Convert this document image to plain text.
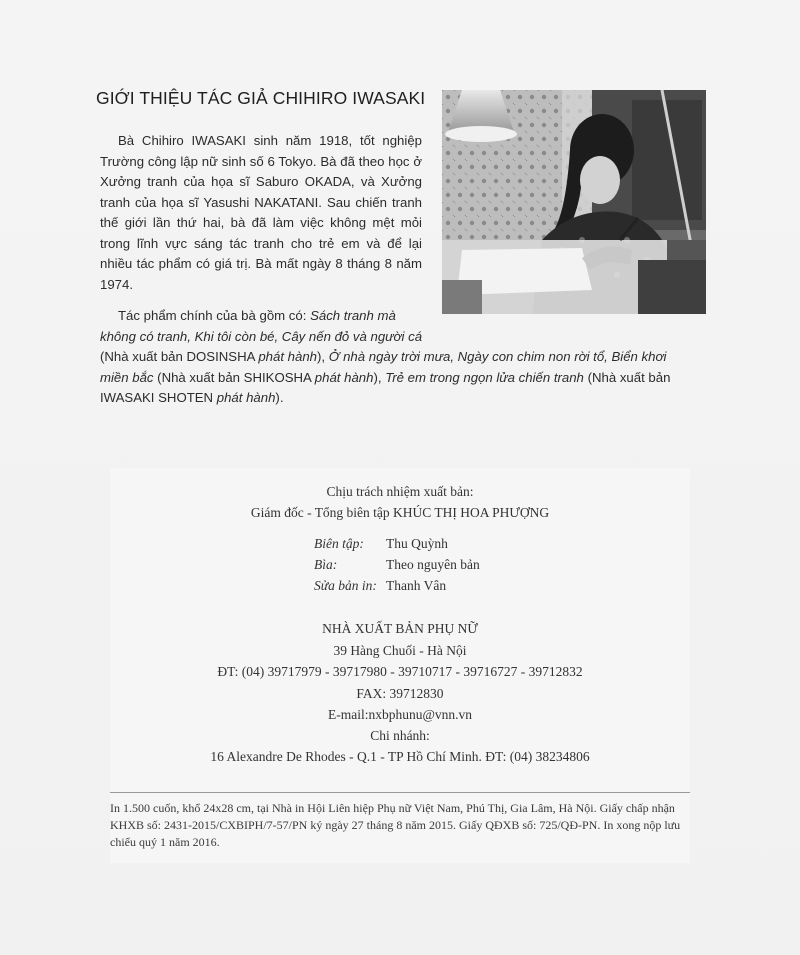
GIỚI THIỆU TÁC GIẢ CHIHIRO IWASAKI

Bà Chihiro IWASAKI sinh năm 1918, tốt nghiệp Trường công lập nữ sinh số 6 Tokyo. Bà đã theo học ở Xưởng tranh của họa sĩ Saburo OKADA, và Xưởng tranh của họa sĩ Yasushi NAKATANI. Sau chiến tranh thế giới lần thứ hai, bà đã làm việc không mệt mỏi trong lĩnh vực sáng tác tranh cho trẻ em và để lại nhiều tác phẩm có giá trị. Bà mất ngày 8 tháng 8 năm 1974.

Tác phẩm chính của bà gồm có: Sách tranh mà
không có tranh, Khi tôi còn bé, Cây nến đỏ và người cá
(Nhà xuất bản DOSINSHA phát hành), Ở nhà ngày trời mưa, Ngày con chim non rời tổ, Biển khơi
miền bắc (Nhà xuất bản SHIKOSHA phát hành), Trẻ em trong ngọn lửa chiến tranh (Nhà xuất bản
IWASAKI SHOTEN phát hành).
Chịu trách nhiệm xuất bản:
Giám đốc - Tổng biên tập KHÚC THỊ HOA PHƯỢNG
Biên tập: Thu Quỳnh
Bìa:	Theo nguyên bản
Sửa bản in: Thanh Vân
NHÀ XUẤT BẢN PHỤ NỮ
39 Hàng Chuối - Hà Nội
ĐT: (04) 39717979 - 39717980 - 39710717 - 39716727 - 39712832
FAX: 39712830
E-mail:nxbphunu@vnn.vn
Chi nhánh:
16 Alexandre De Rhodes - Q.1 - TP Hồ Chí Minh. ĐT: (04) 38234806
In 1.500 cuốn, khổ 24x28 cm, tại Nhà in Hội Liên hiệp Phụ nữ Việt Nam, Phú Thị, Gia Lâm, Hà Nội. Giấy chấp nhận KHXB số: 2431-2015/CXBIPH/7-57/PN ký ngày 27 tháng 8 năm 2015. Giấy QĐXB số: 725/QĐ-PN. In xong nộp lưu chiểu quý 1 năm 2016.
